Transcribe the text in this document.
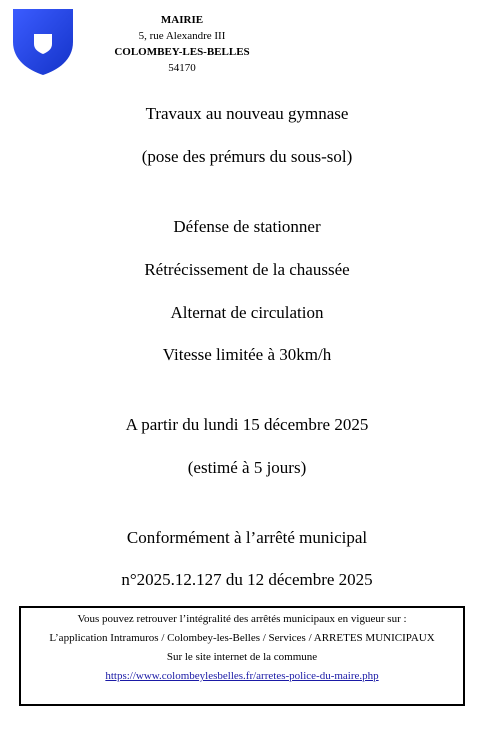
MAIRIE
5, rue Alexandre III
COLOMBEY-LES-BELLES
54170
Travaux au nouveau gymnase
(pose des prémurs du sous-sol)
Défense de stationner
Rétrécissement de la chaussée
Alternat de circulation
Vitesse limitée à 30km/h
A partir du lundi 15 décembre 2025
(estimé à 5 jours)
Conformément à l’arrêté municipal
n°2025.12.127 du 12 décembre 2025
Vous pouvez retrouver l’intégralité des arrêtés municipaux en vigueur sur :
L’application Intramuros / Colombey-les-Belles / Services / ARRETES MUNICIPAUX
Sur le site internet de la commune
https://www.colombeylesbelles.fr/arretes-police-du-maire.php
